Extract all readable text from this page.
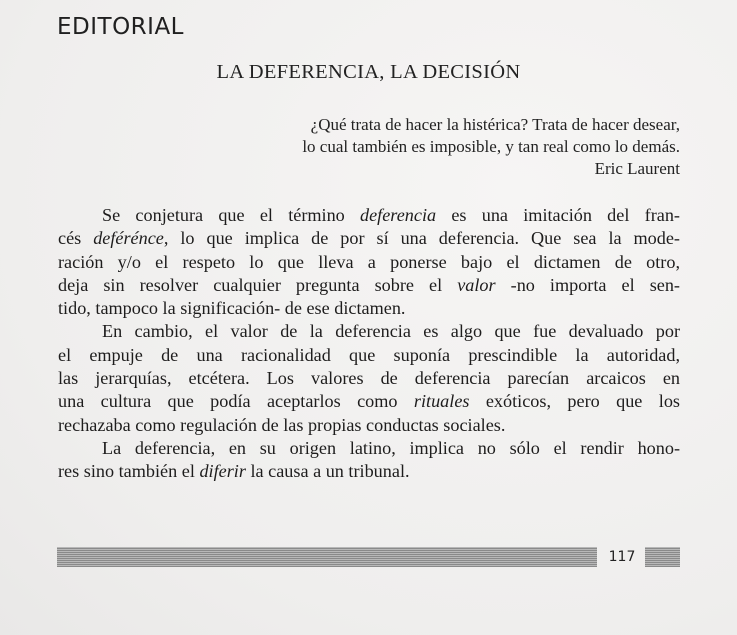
EDITORIAL
LA DEFERENCIA, LA DECISIÓN
¿Qué trata de hacer la histérica? Trata de hacer desear,
lo cual también es imposible, y tan real como lo demás.
Eric Laurent
Se conjetura que el término deferencia es una imitación del fran-
cés deférénce, lo que implica de por sí una deferencia. Que sea la mode-
ración y/o el respeto lo que lleva a ponerse bajo el dictamen de otro,
deja sin resolver cualquier pregunta sobre el valor -no importa el sen-
tido, tampoco la significación- de ese dictamen.
En cambio, el valor de la deferencia es algo que fue devaluado por
el empuje de una racionalidad que suponía prescindible la autoridad,
las jerarquías, etcétera. Los valores de deferencia parecían arcaicos en
una cultura que podía aceptarlos como rituales exóticos, pero que los
rechazaba como regulación de las propias conductas sociales.
La deferencia, en su origen latino, implica no sólo el rendir hono-
res sino también el diferir la causa a un tribunal.
117
